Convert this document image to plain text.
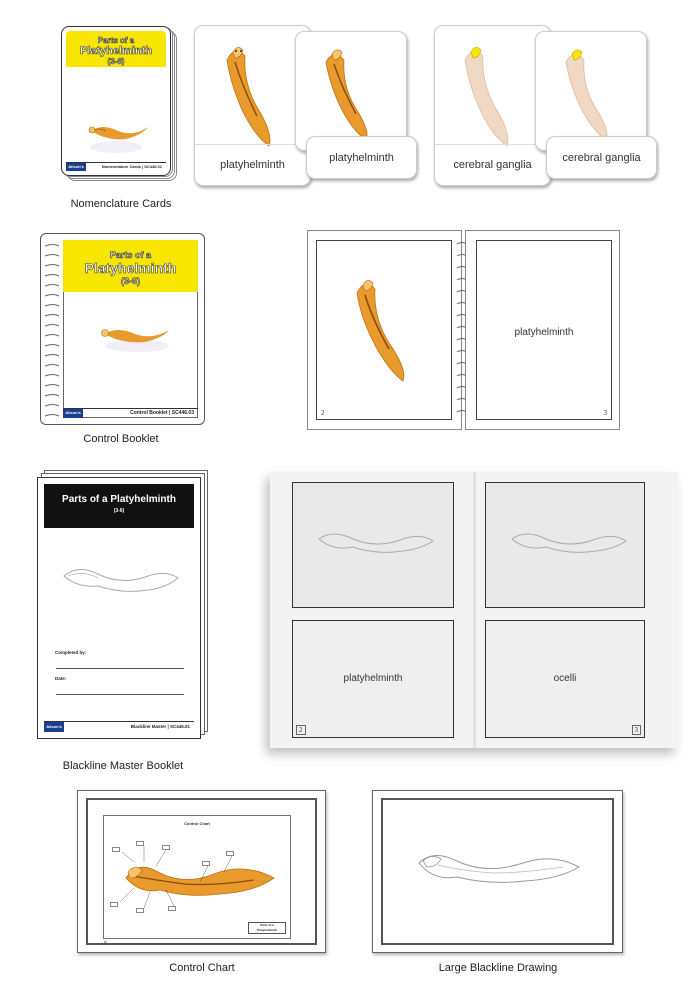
Parts of a
Platyhelminth
(3-6)
Alison's	Nomenclature Cards | SC446.01	platyhelminth
platyhelminth
cerebral ganglia
cerebral ganglia
Nomenclature Cards
Parts of a
Platyhelminth
(3-6)
Alison's	Control Booklet | SC446.03	2
platyhelminth
3
Control Booklet
Parts of a Platyhelminth
(3-6)
Completed by:
Date:
Alison's	Blackline Master | SC446.01
platyhelminth
2
ocelli
3
Blackline Master Booklet
Control Chart

Parts of a
Platyhelminth
A
Control Chart	Large Blackline Drawing
